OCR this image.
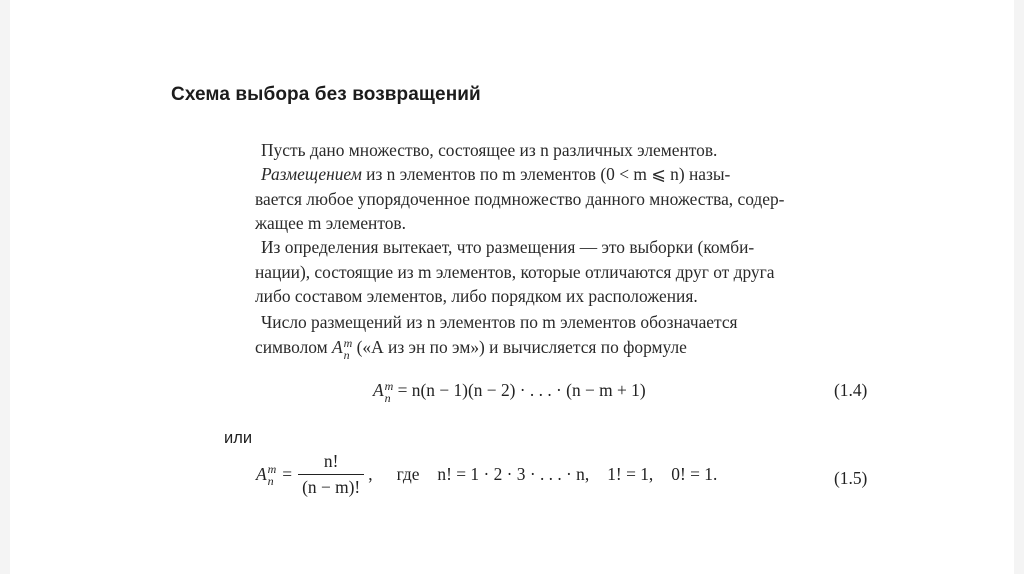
Схема выбора без возвращений
Пусть дано множество, состоящее из n различных элементов.
Размещением из n элементов по m элементов (0 < m ⩽ n) назы-
вается любое упорядоченное подмножество данного множества, содер-
жащее m элементов.
Из определения вытекает, что размещения — это выборки (комби-
нации), состоящие из m элементов, которые отличаются друг от друга
либо составом элементов, либо порядком их расположения.
Число размещений из n элементов по m элементов обозначается
символом A m
n («А из эн по эм») и вычисляется по формуле
A m
n = n(n − 1)(n − 2) · . . . · (n − m + 1)	(1.4)
или
A m
$n = \frac{n!}{(n - m)!}$ , где n! = 1 · 2 · 3 · . . . · n, 1! = 1, 0! = 1.	(1.5)
